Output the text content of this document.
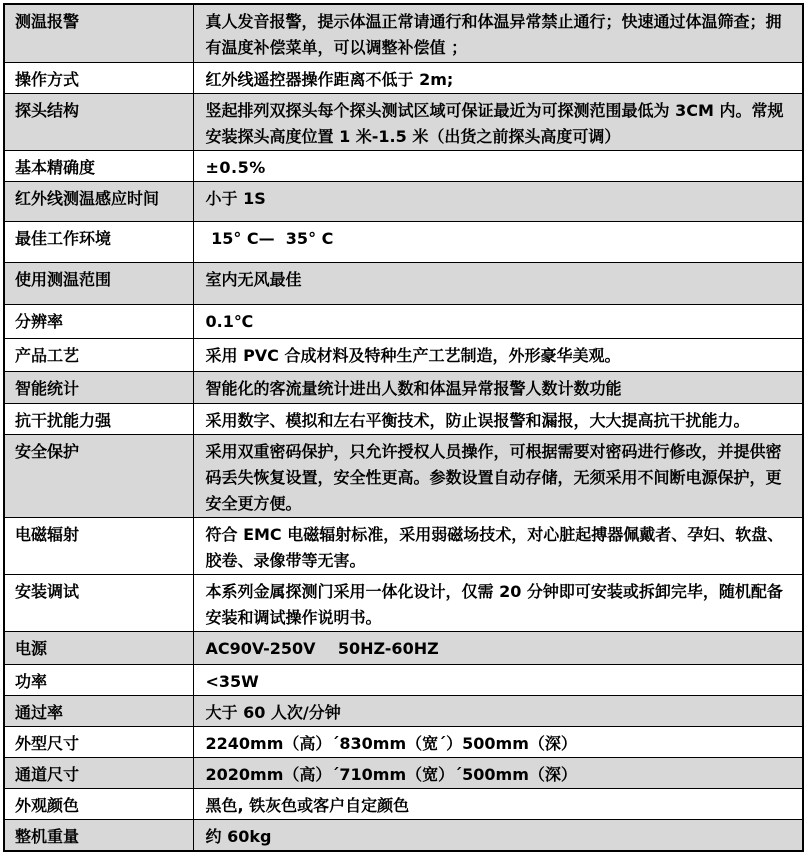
测温报警	真人发音报警，提示体温正常请通行和体温异常禁止通行；快速通过体温筛查；拥有温度补偿菜单，可以调整补偿值 ；
操作方式	红外线遥控器操作距离不低于 2m;
探头结构	竖起排列双探头每个探头测试区域可保证最近为可探测范围最低为 3CM 内。常规安装探头高度位置 1 米-1.5 米（出货之前探头高度可调）
基本精确度	±0.5%
红外线测温感应时间	小于 1S
最佳工作环境	15° C—  35° C
使用测温范围	室内无风最佳
分辨率	0.1℃
产品工艺	采用 PVC 合成材料及特种生产工艺制造，外形豪华美观。
智能统计	智能化的客流量统计进出人数和体温异常报警人数计数功能
抗干扰能力强	采用数字、模拟和左右平衡技术，防止误报警和漏报，大大提高抗干扰能力。
安全保护	采用双重密码保护，只允许授权人员操作，可根据需要对密码进行修改，并提供密码丢失恢复设置，安全性更高。参数设置自动存储，无须采用不间断电源保护，更安全更方便。
电磁辐射	符合 EMC 电磁辐射标准，采用弱磁场技术，对心脏起搏器佩戴者、孕妇、软盘、胶卷、录像带等无害。
安装调试	本系列金属探测门采用一体化设计，仅需 20 分钟即可安装或拆卸完毕，随机配备安装和调试操作说明书。
电源	AC90V-250V    50HZ-60HZ
功率	<35W
通过率	大于 60 人次/分钟
外型尺寸	2240mm（高）´830mm（宽´）500mm（深）
通道尺寸	2020mm（高）´710mm（宽）´500mm（深）
外观颜色	黑色, 铁灰色或客户自定颜色
整机重量	约 60kg
